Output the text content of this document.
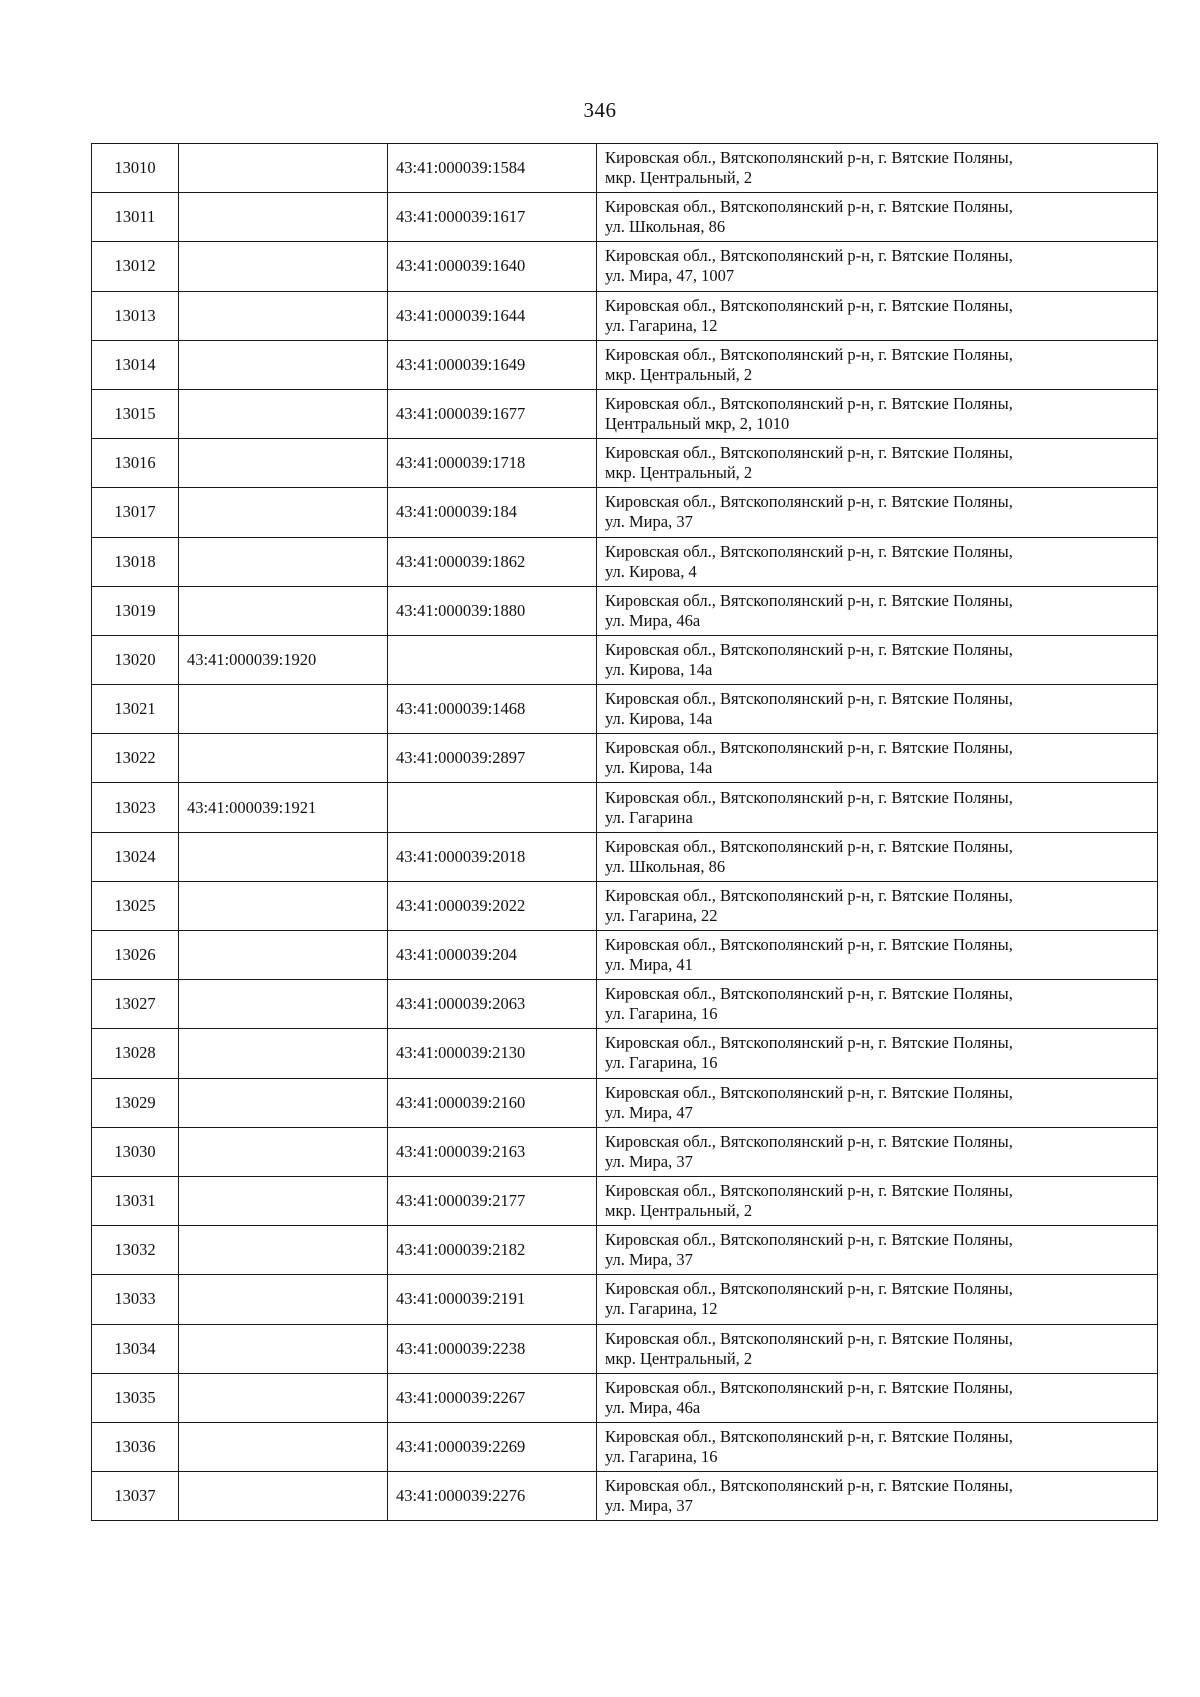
346
13010		43:41:000039:1584	Кировская обл., Вятскополянский р-н, г. Вятские Поляны,
мкр. Центральный, 2

13011		43:41:000039:1617	Кировская обл., Вятскополянский р-н, г. Вятские Поляны,
ул. Школьная, 86

13012		43:41:000039:1640	Кировская обл., Вятскополянский р-н, г. Вятские Поляны,
ул. Мира, 47, 1007

13013		43:41:000039:1644	Кировская обл., Вятскополянский р-н, г. Вятские Поляны,
ул. Гагарина, 12

13014		43:41:000039:1649	Кировская обл., Вятскополянский р-н, г. Вятские Поляны,
мкр. Центральный, 2

13015		43:41:000039:1677	Кировская обл., Вятскополянский р-н, г. Вятские Поляны,
Центральный мкр, 2, 1010

13016		43:41:000039:1718	Кировская обл., Вятскополянский р-н, г. Вятские Поляны,
мкр. Центральный, 2

13017		43:41:000039:184	Кировская обл., Вятскополянский р-н, г. Вятские Поляны,
ул. Мира, 37

13018		43:41:000039:1862	Кировская обл., Вятскополянский р-н, г. Вятские Поляны,
ул. Кирова, 4

13019		43:41:000039:1880	Кировская обл., Вятскополянский р-н, г. Вятские Поляны,
ул. Мира, 46а

13020	43:41:000039:1920		Кировская обл., Вятскополянский р-н, г. Вятские Поляны,
ул. Кирова, 14а

13021		43:41:000039:1468	Кировская обл., Вятскополянский р-н, г. Вятские Поляны,
ул. Кирова, 14а

13022		43:41:000039:2897	Кировская обл., Вятскополянский р-н, г. Вятские Поляны,
ул. Кирова, 14а

13023	43:41:000039:1921		Кировская обл., Вятскополянский р-н, г. Вятские Поляны,
ул. Гагарина

13024		43:41:000039:2018	Кировская обл., Вятскополянский р-н, г. Вятские Поляны,
ул. Школьная, 86

13025		43:41:000039:2022	Кировская обл., Вятскополянский р-н, г. Вятские Поляны,
ул. Гагарина, 22

13026		43:41:000039:204	Кировская обл., Вятскополянский р-н, г. Вятские Поляны,
ул. Мира, 41

13027		43:41:000039:2063	Кировская обл., Вятскополянский р-н, г. Вятские Поляны,
ул. Гагарина, 16

13028		43:41:000039:2130	Кировская обл., Вятскополянский р-н, г. Вятские Поляны,
ул. Гагарина, 16

13029		43:41:000039:2160	Кировская обл., Вятскополянский р-н, г. Вятские Поляны,
ул. Мира, 47

13030		43:41:000039:2163	Кировская обл., Вятскополянский р-н, г. Вятские Поляны,
ул. Мира, 37

13031		43:41:000039:2177	Кировская обл., Вятскополянский р-н, г. Вятские Поляны,
мкр. Центральный, 2

13032		43:41:000039:2182	Кировская обл., Вятскополянский р-н, г. Вятские Поляны,
ул. Мира, 37

13033		43:41:000039:2191	Кировская обл., Вятскополянский р-н, г. Вятские Поляны,
ул. Гагарина, 12

13034		43:41:000039:2238	Кировская обл., Вятскополянский р-н, г. Вятские Поляны,
мкр. Центральный, 2

13035		43:41:000039:2267	Кировская обл., Вятскополянский р-н, г. Вятские Поляны,
ул. Мира, 46а

13036		43:41:000039:2269	Кировская обл., Вятскополянский р-н, г. Вятские Поляны,
ул. Гагарина, 16

13037		43:41:000039:2276	Кировская обл., Вятскополянский р-н, г. Вятские Поляны,
ул. Мира, 37
